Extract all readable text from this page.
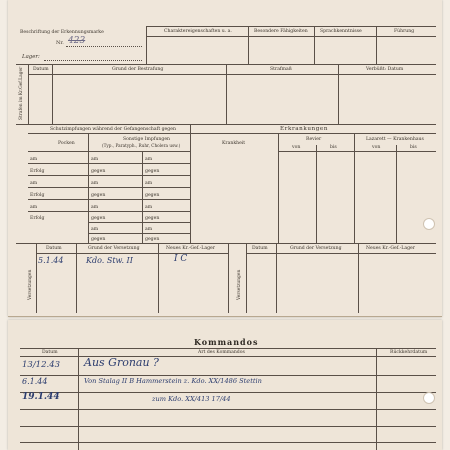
Beschriftung der Erkennungsmarke
Nr. 423
Lager:
Charaktereigenschaften u. a.	Besondere Fähigkeiten	Sprachkenntnisse	Führung
Strafen im Kr.Gef.Lager Datum	Grund der Bestrafung	Strafmaß	Verbüßt: Datum
Schutzimpfungen während der Gefangenschaft gegen
Pocken
Sonstige Impfungen
(Typ., Paratyph., Ruhr, Cholera usw.)
am	am	am
Erfolg	gegen	gegen
am	am	am
Erfolg	gegen	gegen
am	am	am
Erfolg	gegen	gegen
am	am
gegen	gegen
Erkrankungen
Krankheit
Revier
von	bis
Lazarett — Krankenhaus
von	bis
Versetzungen
Datum	Grund der Versetzung	Neues Kr.-Gef.-Lager
5.1.44	Kdo. Stw. II	I C
Versetzungen
Datum	Grund der Versetzung	Neues Kr.-Gef.-Lager
Kommandos
Datum	Art des Kommandos	Rückkehrdatum
13/12.43 Aus Gronau ?
6.1.44	Von Stalag II B Hammerstein z. Kdo. XX/1486 Stettin
19.1.44	zum Kdo. XX/413 17/44
